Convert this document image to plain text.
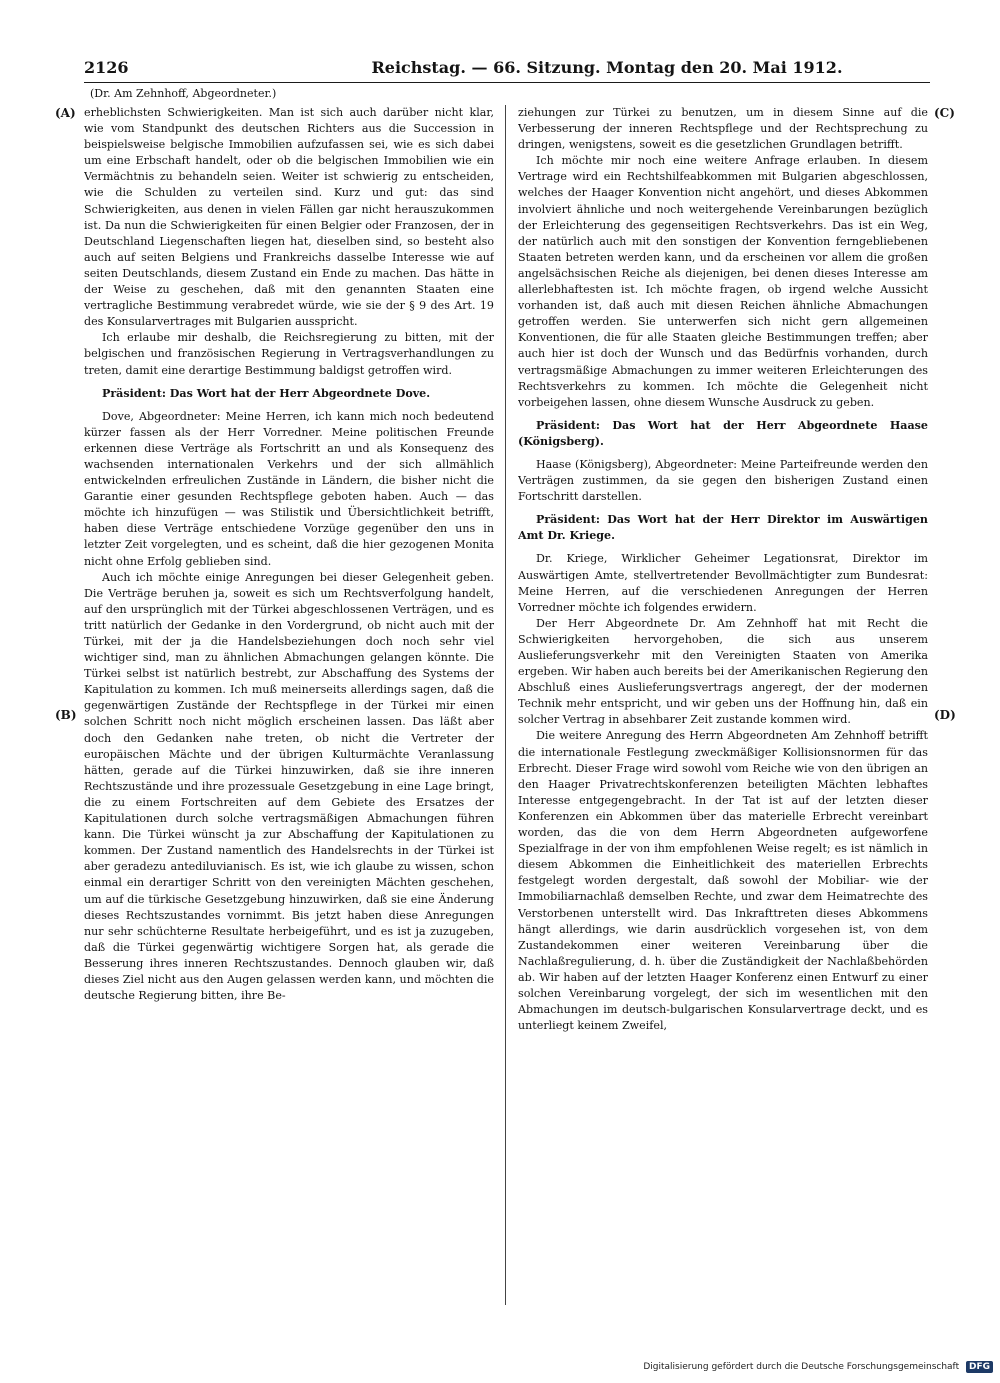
2126	Reichstag. — 66. Sitzung. Montag den 20. Mai 1912.
(Dr. Am Zehnhoff, Abgeordneter.)
(A)
(B)
(C)
(D)

erheblichsten Schwierigkeiten. Man ist sich auch darüber nicht klar, wie vom Standpunkt des deutschen Richters aus die Succession in beispielsweise belgische Immobilien aufzufassen sei, wie es sich dabei um eine Erbschaft handelt, oder ob die belgischen Immobilien wie ein Vermächtnis zu behandeln seien. Weiter ist schwierig zu entscheiden, wie die Schulden zu verteilen sind. Kurz und gut: das sind Schwierigkeiten, aus denen in vielen Fällen gar nicht herauszukommen ist. Da nun die Schwierigkeiten für einen Belgier oder Franzosen, der in Deutschland Liegenschaften liegen hat, dieselben sind, so besteht also auch auf seiten Belgiens und Frankreichs dasselbe Interesse wie auf seiten Deutschlands, diesem Zustand ein Ende zu machen. Das hätte in der Weise zu geschehen, daß mit den genannten Staaten eine vertragliche Bestimmung verabredet würde, wie sie der § 9 des Art. 19 des Konsularvertrages mit Bulgarien ausspricht.

Ich erlaube mir deshalb, die Reichsregierung zu bitten, mit der belgischen und französischen Regierung in Vertragsverhandlungen zu treten, damit eine derartige Bestimmung baldigst getroffen wird.

Präsident: Das Wort hat der Herr Abgeordnete Dove.

Dove, Abgeordneter: Meine Herren, ich kann mich noch bedeutend kürzer fassen als der Herr Vorredner. Meine politischen Freunde erkennen diese Verträge als Fortschritt an und als Konsequenz des wachsenden internationalen Verkehrs und der sich allmählich entwickelnden erfreulichen Zustände in Ländern, die bisher nicht die Garantie einer gesunden Rechtspflege geboten haben. Auch — das möchte ich hinzufügen — was Stilistik und Übersichtlichkeit betrifft, haben diese Verträge entschiedene Vorzüge gegenüber den uns in letzter Zeit vorgelegten, und es scheint, daß die hier gezogenen Monita nicht ohne Erfolg geblieben sind.

Auch ich möchte einige Anregungen bei dieser Gelegenheit geben. Die Verträge beruhen ja, soweit es sich um Rechtsverfolgung handelt, auf den ursprünglich mit der Türkei abgeschlossenen Verträgen, und es tritt natürlich der Gedanke in den Vordergrund, ob nicht auch mit der Türkei, mit der ja die Handelsbeziehungen doch noch sehr viel wichtiger sind, man zu ähnlichen Abmachungen gelangen könnte. Die Türkei selbst ist natürlich bestrebt, zur Abschaffung des Systems der Kapitulation zu kommen. Ich muß meinerseits allerdings sagen, daß die gegenwärtigen Zustände der Rechtspflege in der Türkei mir einen solchen Schritt noch nicht möglich erscheinen lassen. Das läßt aber doch den Gedanken nahe treten, ob nicht die Vertreter der europäischen Mächte und der übrigen Kulturmächte Veranlassung hätten, gerade auf die Türkei hinzuwirken, daß sie ihre inneren Rechtszustände und ihre prozessuale Gesetzgebung in eine Lage bringt, die zu einem Fortschreiten auf dem Gebiete des Ersatzes der Kapitulationen durch solche vertragsmäßigen Abmachungen führen kann. Die Türkei wünscht ja zur Abschaffung der Kapitulationen zu kommen. Der Zustand namentlich des Handelsrechts in der Türkei ist aber geradezu antediluvianisch. Es ist, wie ich glaube zu wissen, schon einmal ein derartiger Schritt von den vereinigten Mächten geschehen, um auf die türkische Gesetzgebung hinzuwirken, daß sie eine Änderung dieses Rechtszustandes vornimmt. Bis jetzt haben diese Anregungen nur sehr schüchterne Resultate herbeigeführt, und es ist ja zuzugeben, daß die Türkei gegenwärtig wichtigere Sorgen hat, als gerade die Besserung ihres inneren Rechtszustandes. Dennoch glauben wir, daß dieses Ziel nicht aus den Augen gelassen werden kann, und möchten die deutsche Regierung bitten, ihre Be-

ziehungen zur Türkei zu benutzen, um in diesem Sinne auf die Verbesserung der inneren Rechtspflege und der Rechtsprechung zu dringen, wenigstens, soweit es die gesetzlichen Grundlagen betrifft.

Ich möchte mir noch eine weitere Anfrage erlauben. In diesem Vertrage wird ein Rechtshilfeabkommen mit Bulgarien abgeschlossen, welches der Haager Konvention nicht angehört, und dieses Abkommen involviert ähnliche und noch weitergehende Vereinbarungen bezüglich der Erleichterung des gegenseitigen Rechtsverkehrs. Das ist ein Weg, der natürlich auch mit den sonstigen der Konvention ferngebliebenen Staaten betreten werden kann, und da erscheinen vor allem die großen angelsächsischen Reiche als diejenigen, bei denen dieses Interesse am allerlebhaftesten ist. Ich möchte fragen, ob irgend welche Aussicht vorhanden ist, daß auch mit diesen Reichen ähnliche Abmachungen getroffen werden. Sie unterwerfen sich nicht gern allgemeinen Konventionen, die für alle Staaten gleiche Bestimmungen treffen; aber auch hier ist doch der Wunsch und das Bedürfnis vorhanden, durch vertragsmäßige Abmachungen zu immer weiteren Erleichterungen des Rechtsverkehrs zu kommen. Ich möchte die Gelegenheit nicht vorbeigehen lassen, ohne diesem Wunsche Ausdruck zu geben.

Präsident: Das Wort hat der Herr Abgeordnete Haase (Königsberg).

Haase (Königsberg), Abgeordneter: Meine Parteifreunde werden den Verträgen zustimmen, da sie gegen den bisherigen Zustand einen Fortschritt darstellen.

Präsident: Das Wort hat der Herr Direktor im Auswärtigen Amt Dr. Kriege.

Dr. Kriege, Wirklicher Geheimer Legationsrat, Direktor im Auswärtigen Amte, stellvertretender Bevollmächtigter zum Bundesrat: Meine Herren, auf die verschiedenen Anregungen der Herren Vorredner möchte ich folgendes erwidern.

Der Herr Abgeordnete Dr. Am Zehnhoff hat mit Recht die Schwierigkeiten hervorgehoben, die sich aus unserem Auslieferungsverkehr mit den Vereinigten Staaten von Amerika ergeben. Wir haben auch bereits bei der Amerikanischen Regierung den Abschluß eines Auslieferungsvertrags angeregt, der der modernen Technik mehr entspricht, und wir geben uns der Hoffnung hin, daß ein solcher Vertrag in absehbarer Zeit zustande kommen wird.

Die weitere Anregung des Herrn Abgeordneten Am Zehnhoff betrifft die internationale Festlegung zweckmäßiger Kollisionsnormen für das Erbrecht. Dieser Frage wird sowohl vom Reiche wie von den übrigen an den Haager Privatrechtskonferenzen beteiligten Mächten lebhaftes Interesse entgegengebracht. In der Tat ist auf der letzten dieser Konferenzen ein Abkommen über das materielle Erbrecht vereinbart worden, das die von dem Herrn Abgeordneten aufgeworfene Spezialfrage in der von ihm empfohlenen Weise regelt; es ist nämlich in diesem Abkommen die Einheitlichkeit des materiellen Erbrechts festgelegt worden dergestalt, daß sowohl der Mobiliar- wie der Immobiliarnachlaß demselben Rechte, und zwar dem Heimatrechte des Verstorbenen unterstellt wird. Das Inkrafttreten dieses Abkommens hängt allerdings, wie darin ausdrücklich vorgesehen ist, von dem Zustandekommen einer weiteren Vereinbarung über die Nachlaßregulierung, d. h. über die Zuständigkeit der Nachlaßbehörden ab. Wir haben auf der letzten Haager Konferenz einen Entwurf zu einer solchen Vereinbarung vorgelegt, der sich im wesentlichen mit den Abmachungen im deutsch-bulgarischen Konsularvertrage deckt, und es unterliegt keinem Zweifel,

Digitalisierung gefördert durch die Deutsche Forschungsgemeinschaft DFG
